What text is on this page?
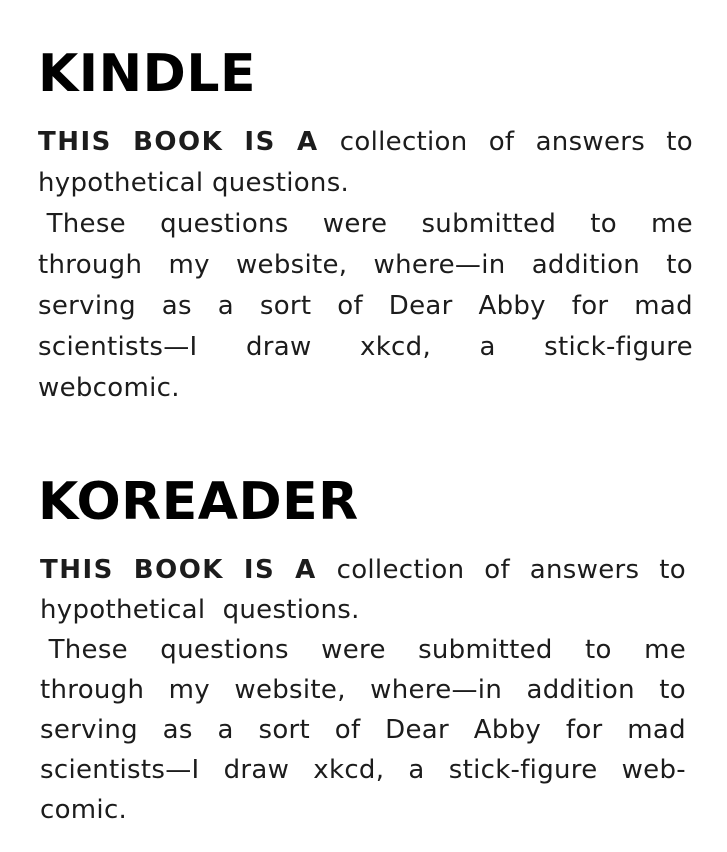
KINDLE
THIS BOOK IS A collection of answers to
hypothetical questions.
These questions were submitted to me
through my website, where—in addition to
serving as a sort of Dear Abby for mad
scientists—I draw xkcd, a stick-figure
webcomic.
KOREADER
THIS BOOK IS A collection of answers to
hypothetical questions.
These questions were submitted to me
through my website, where—in addition to
serving as a sort of Dear Abby for mad
scientists—I draw xkcd, a stick-figure web-
comic.
